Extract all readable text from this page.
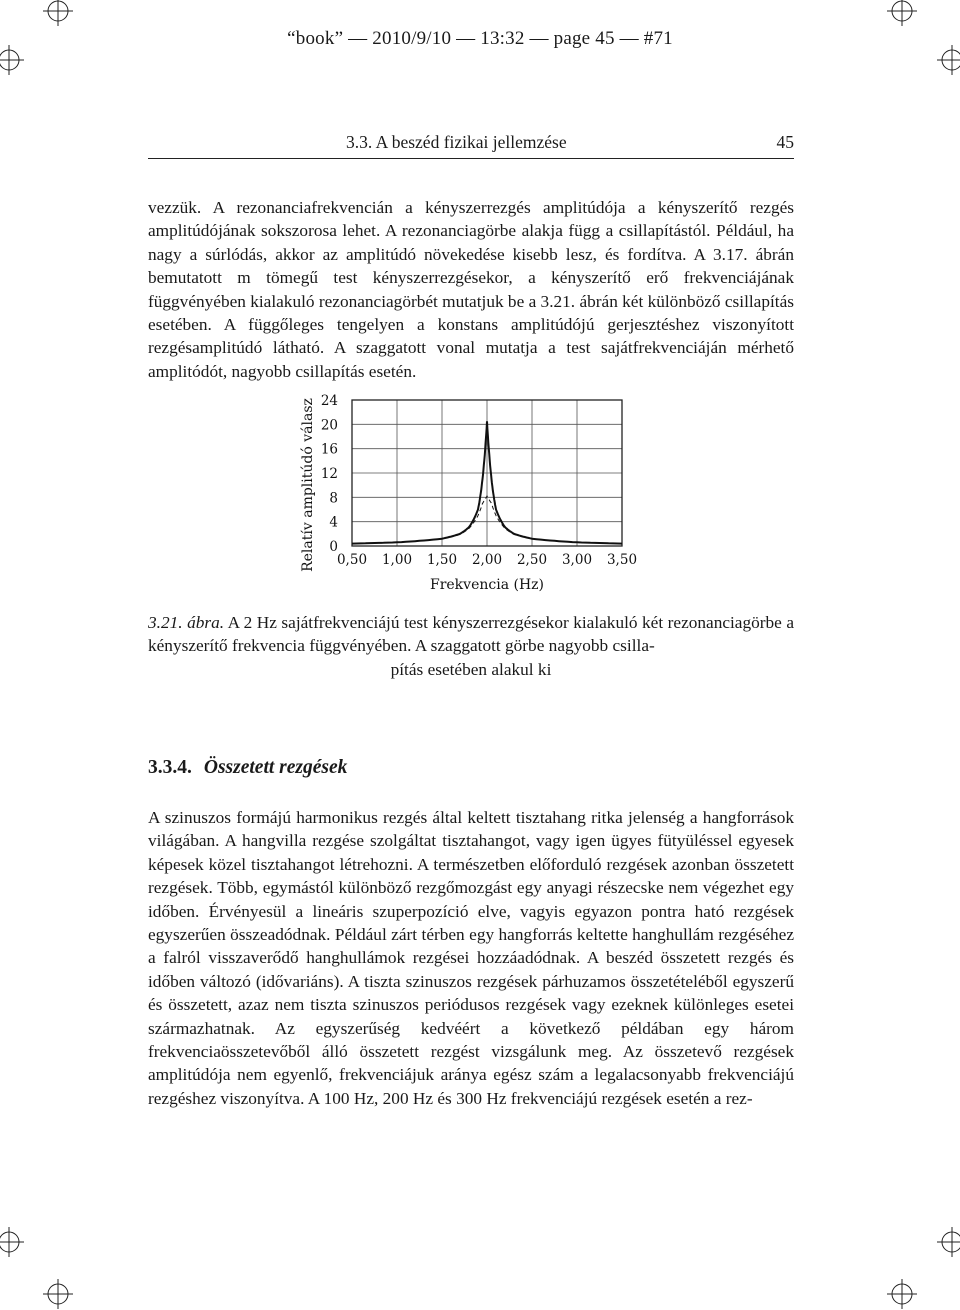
“book” — 2010/9/10 — 13:32 — page 45 — #71
3.3. A beszéd fizikai jellemzése	45
vezzük. A rezonanciafrekvencián a kényszerrezgés amplitúdója a kényszerítő rezgés amplitúdójának sokszorosa lehet. A rezonanciagörbe alakja függ a csillapítástól. Például, ha nagy a súrlódás, akkor az amplitúdó növekedése kisebb lesz, és fordítva. A 3.17. ábrán bemutatott m tömegű test kényszerrezgésekor, a kényszerítő erő frekvenciájának függvényében kialakuló rezonanciagörbét mutatjuk be a 3.21. ábrán két különböző csillapítás esetében. A függőleges tengelyen a konstans amplitúdójú gerjesztéshez viszonyított rezgésamplitúdó látható. A szaggatott vonal mutatja a test sajátfrekvenciáján mérhető amplitódót, nagyobb csillapítás esetén.
0
4
8
12
16
20
24
0,50 1,00 1,50 2,00 2,50 3,00 3,50
Frekvencia (Hz)
Relatív amplitúdó válasz
3.21. ábra. A 2 Hz sajátfrekvenciájú test kényszerrezgésekor kialakuló két rezonanciagörbe a kényszerítő frekvencia függvényében. A szaggatott görbe nagyobb csilla-
pítás esetében alakul ki
3.3.4. Összetett rezgések
A szinuszos formájú harmonikus rezgés által keltett tisztahang ritka jelenség a hangforrások világában. A hangvilla rezgése szolgáltat tisztahangot, vagy igen ügyes fütyüléssel egyesek képesek közel tisztahangot létrehozni. A természetben előforduló rezgések azonban összetett rezgések. Több, egymástól különböző rezgőmozgást egy anyagi részecske nem végezhet egy időben. Érvényesül a lineáris szuperpozíció elve, vagyis egyazon pontra ható rezgések egyszerűen összeadódnak. Például zárt térben egy hangforrás keltette hanghullám rezgéséhez a falról visszaverődő hanghullámok rezgései hozzáadódnak. A beszéd összetett rezgés és időben változó (idővariáns). A tiszta szinuszos rezgések párhuzamos összetételéből egyszerű és összetett, azaz nem tiszta szinuszos periódusos rezgések vagy ezeknek különleges esetei származhatnak. Az egyszerűség kedvéért a következő példában egy három frekvenciaösszetevőből álló összetett rezgést vizsgálunk meg. Az összetevő rezgések amplitúdója nem egyenlő, frekvenciájuk aránya egész szám a legalacsonyabb frekvenciájú rezgéshez viszonyítva. A 100 Hz, 200 Hz és 300 Hz frekvenciájú rezgések esetén a rez-
